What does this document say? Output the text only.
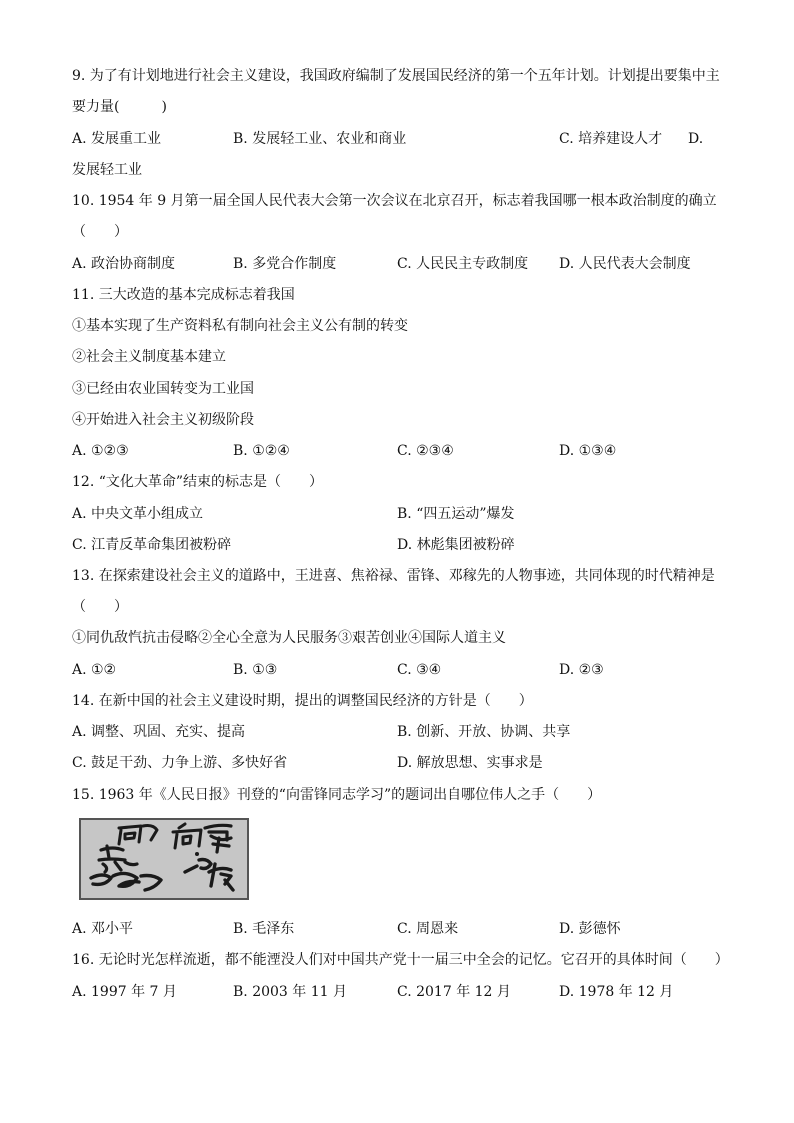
9. 为了有计划地进行社会主义建设，我国政府编制了发展国民经济的第一个五年计划。计划提出要集中主
要力量(　　　)
A. 发展重工业	B. 发展轻工业、农业和商业	C. 培养建设人才 D.
发展轻工业
10. 1954 年 9 月第一届全国人民代表大会第一次会议在北京召开，标志着我国哪一根本政治制度的确立
（　　）
A. 政治协商制度	B. 多党合作制度	C. 人民民主专政制度 D. 人民代表大会制度
11. 三大改造的基本完成标志着我国
①基本实现了生产资料私有制向社会主义公有制的转变
②社会主义制度基本建立
③已经由农业国转变为工业国
④开始进入社会主义初级阶段
A. ①②③	B. ①②④	C. ②③④	D. ①③④
12. “文化大革命”结束的标志是（　　）
A. 中央文革小组成立	B. “四五运动”爆发
C. 江青反革命集团被粉碎	D. 林彪集团被粉碎
13. 在探索建设社会主义的道路中，王进喜、焦裕禄、雷锋、邓稼先的人物事迹，共同体现的时代精神是
（　　）
①同仇敌忾抗击侵略②全心全意为人民服务③艰苦创业④国际人道主义
A. ①②	B. ①③	C. ③④	D. ②③
14. 在新中国的社会主义建设时期，提出的调整国民经济的方针是（　　）
A. 调整、巩固、充实、提高	B. 创新、开放、协调、共享
C. 鼓足干劲、力争上游、多快好省	D. 解放思想、实事求是
15. 1963 年《人民日报》刊登的“向雷锋同志学习”的题词出自哪位伟人之手（　　）
A. 邓小平	B. 毛泽东	C. 周恩来	D. 彭德怀
16. 无论时光怎样流逝，都不能湮没人们对中国共产党十一届三中全会的记忆。它召开的具体时间（　　）
A. 1997 年 7 月	B. 2003 年 11 月	C. 2017 年 12 月	D. 1978 年 12 月
